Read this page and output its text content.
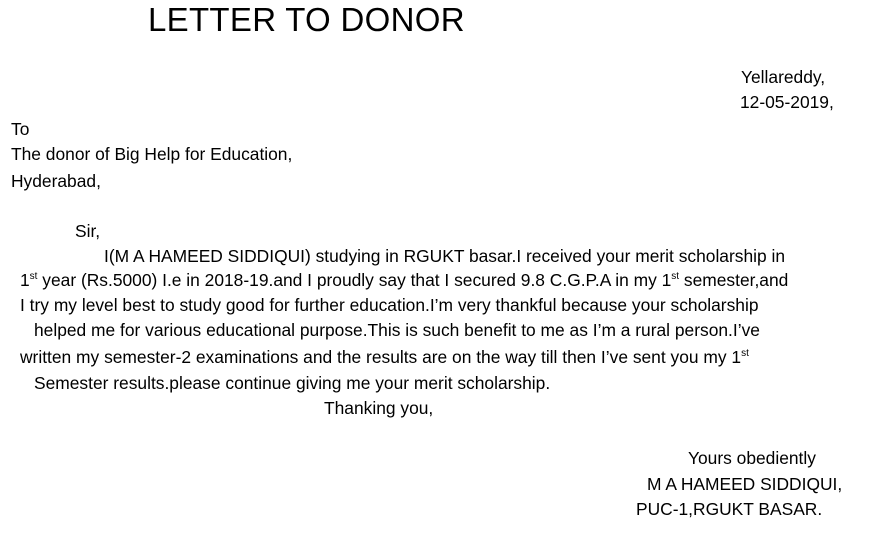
LETTER TO DONOR
Yellareddy,
12-05-2019,
To
The donor of Big Help for Education,
Hyderabad,
Sir,
I(M A HAMEED SIDDIQUI) studying in RGUKT basar.I received your merit scholarship in
1st year (Rs.5000) I.e in 2018-19.and I proudly say that I secured 9.8 C.G.P.A in my 1st semester,and
I try my level best to study good for further education.I’m very thankful because your scholarship
helped me for various educational purpose.This is such benefit to me as I’m a rural person.I’ve
written my semester-2 examinations and the results are on the way till then I’ve sent you my 1st
Semester results.please continue giving me your merit scholarship.
Thanking you,
Yours obediently
M A HAMEED SIDDIQUI,
PUC-1,RGUKT BASAR.
